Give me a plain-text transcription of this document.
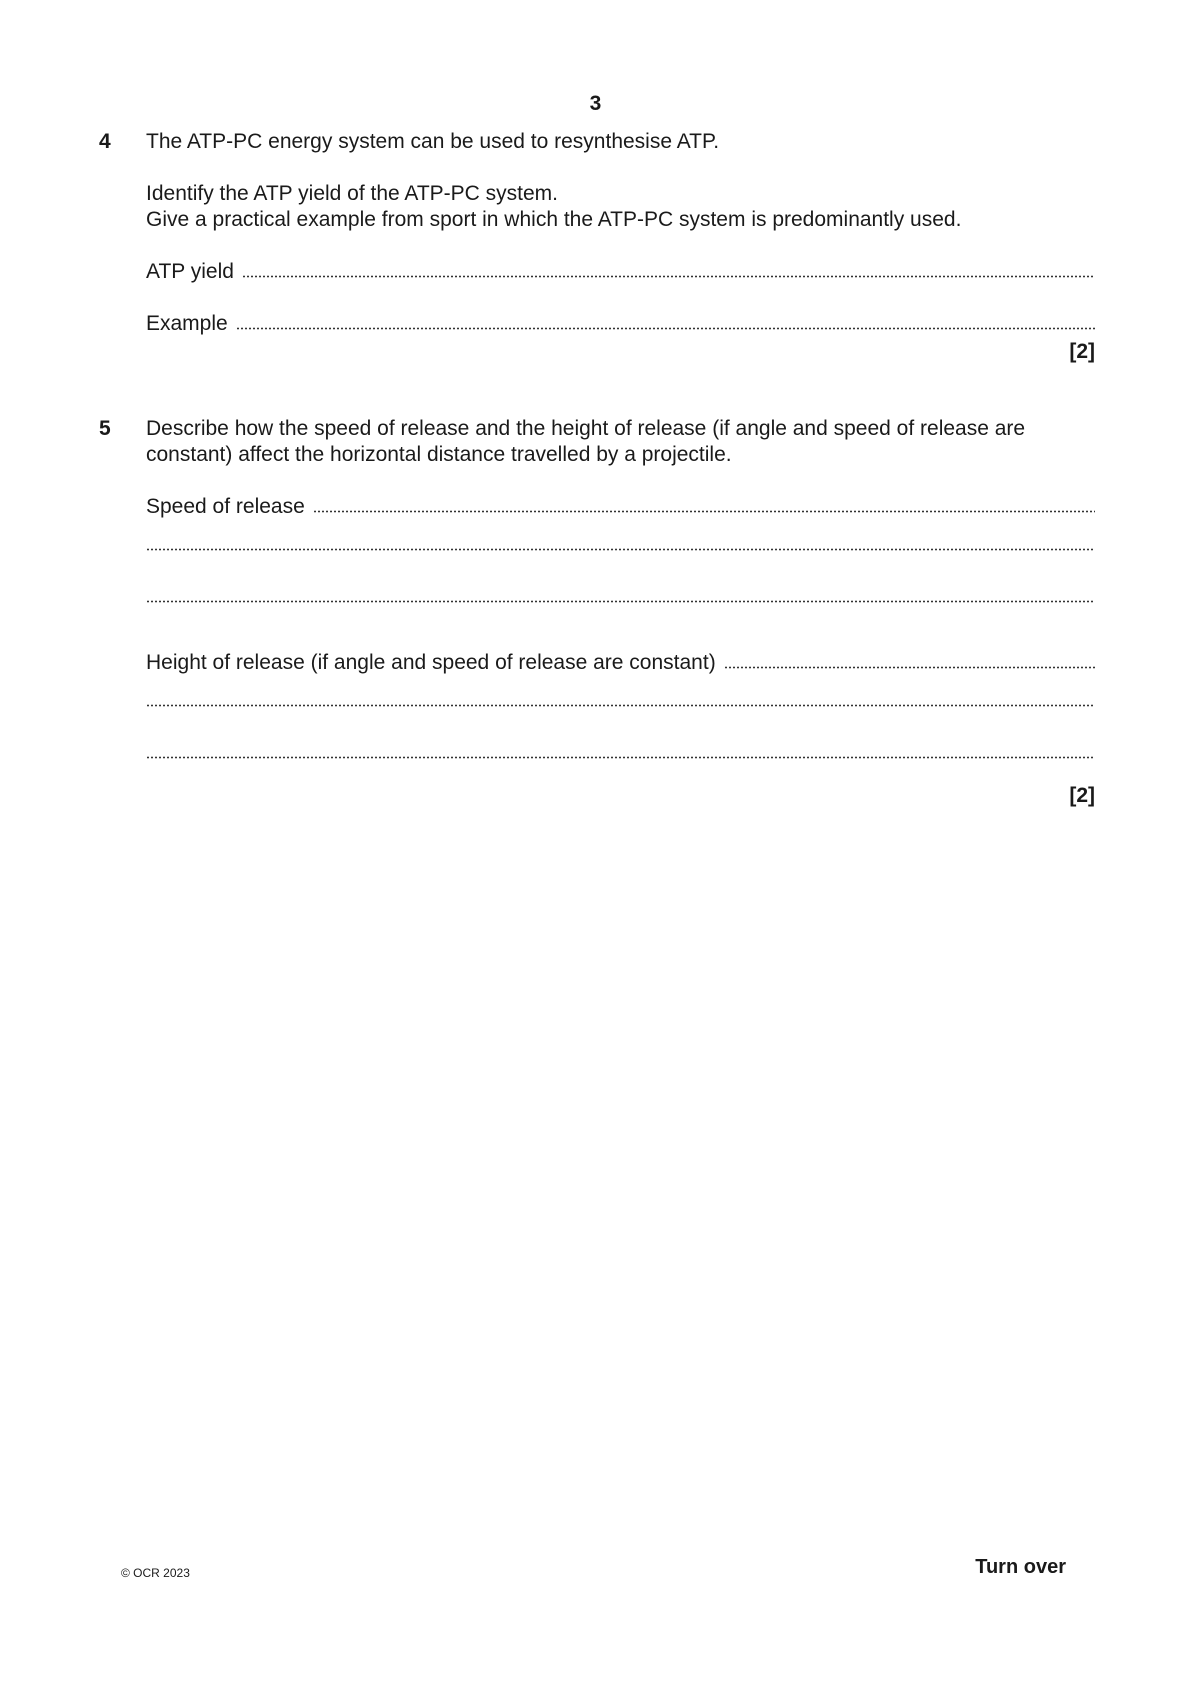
3
4 The ATP-PC energy system can be used to resynthesise ATP.
Identify the ATP yield of the ATP-PC system.
Give a practical example from sport in which the ATP-PC system is predominantly used.
ATP yield
Example
[2]
5 Describe how the speed of release and the height of release (if angle and speed of release are
constant) affect the horizontal distance travelled by a projectile.
Speed of release
Height of release (if angle and speed of release are constant)
[2]
© OCR 2023	Turn over
